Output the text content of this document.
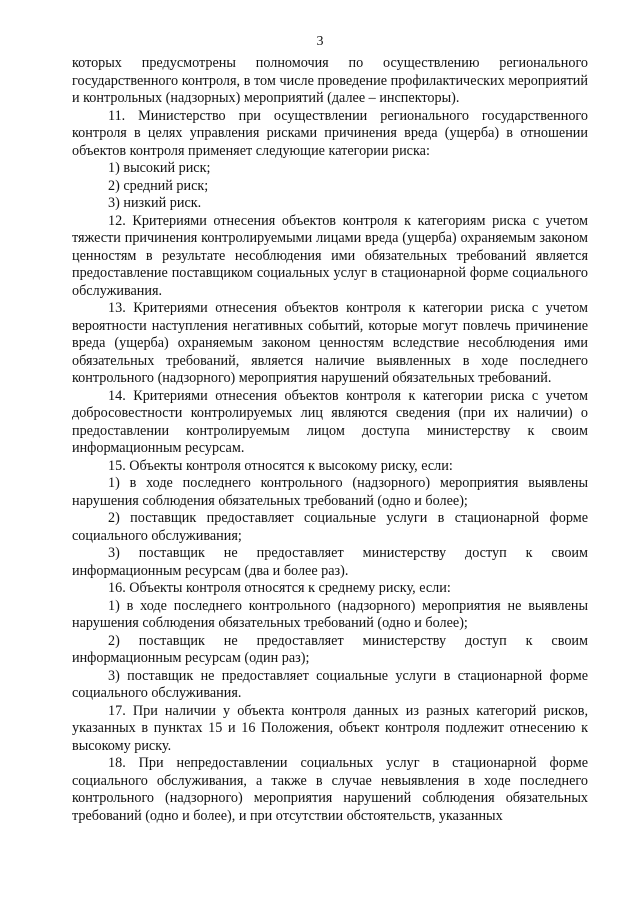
3

которых предусмотрены полномочия по осуществлению регионального государственного контроля, в том числе проведение профилактических мероприятий и контрольных (надзорных) мероприятий (далее – инспекторы).

11. Министерство при осуществлении регионального государственного контроля в целях управления рисками причинения вреда (ущерба) в отношении объектов контроля применяет следующие категории риска:

1) высокий риск;

2) средний риск;

3) низкий риск.

12. Критериями отнесения объектов контроля к категориям риска с учетом тяжести причинения контролируемыми лицами вреда (ущерба) охраняемым законом ценностям в результате несоблюдения ими обязательных требований является предоставление поставщиком социальных услуг в стационарной форме социального обслуживания.

13. Критериями отнесения объектов контроля к категории риска с учетом вероятности наступления негативных событий, которые могут повлечь причинение вреда (ущерба) охраняемым законом ценностям вследствие несоблюдения ими обязательных требований, является наличие выявленных в ходе последнего контрольного (надзорного) мероприятия нарушений обязательных требований.

14. Критериями отнесения объектов контроля к категории риска с учетом добросовестности контролируемых лиц являются сведения (при их наличии) о предоставлении контролируемым лицом доступа министерству к своим информационным ресурсам.

15. Объекты контроля относятся к высокому риску, если:

1) в ходе последнего контрольного (надзорного) мероприятия выявлены нарушения соблюдения обязательных требований (одно и более);

2) поставщик предоставляет социальные услуги в стационарной форме социального обслуживания;

3) поставщик не предоставляет министерству доступ к своим информационным ресурсам (два и более раз).

16. Объекты контроля относятся к среднему риску, если:

1) в ходе последнего контрольного (надзорного) мероприятия не выявлены нарушения соблюдения обязательных требований (одно и более);

2) поставщик не предоставляет министерству доступ к своим информационным ресурсам (один раз);

3) поставщик не предоставляет социальные услуги в стационарной форме социального обслуживания.

17. При наличии у объекта контроля данных из разных категорий рисков, указанных в пунктах 15 и 16 Положения, объект контроля подлежит отнесению к высокому риску.

18. При непредоставлении социальных услуг в стационарной форме социального обслуживания, а также в случае невыявления в ходе последнего контрольного (надзорного) мероприятия нарушений соблюдения обязательных требований (одно и более), и при отсутствии обстоятельств, указанных
